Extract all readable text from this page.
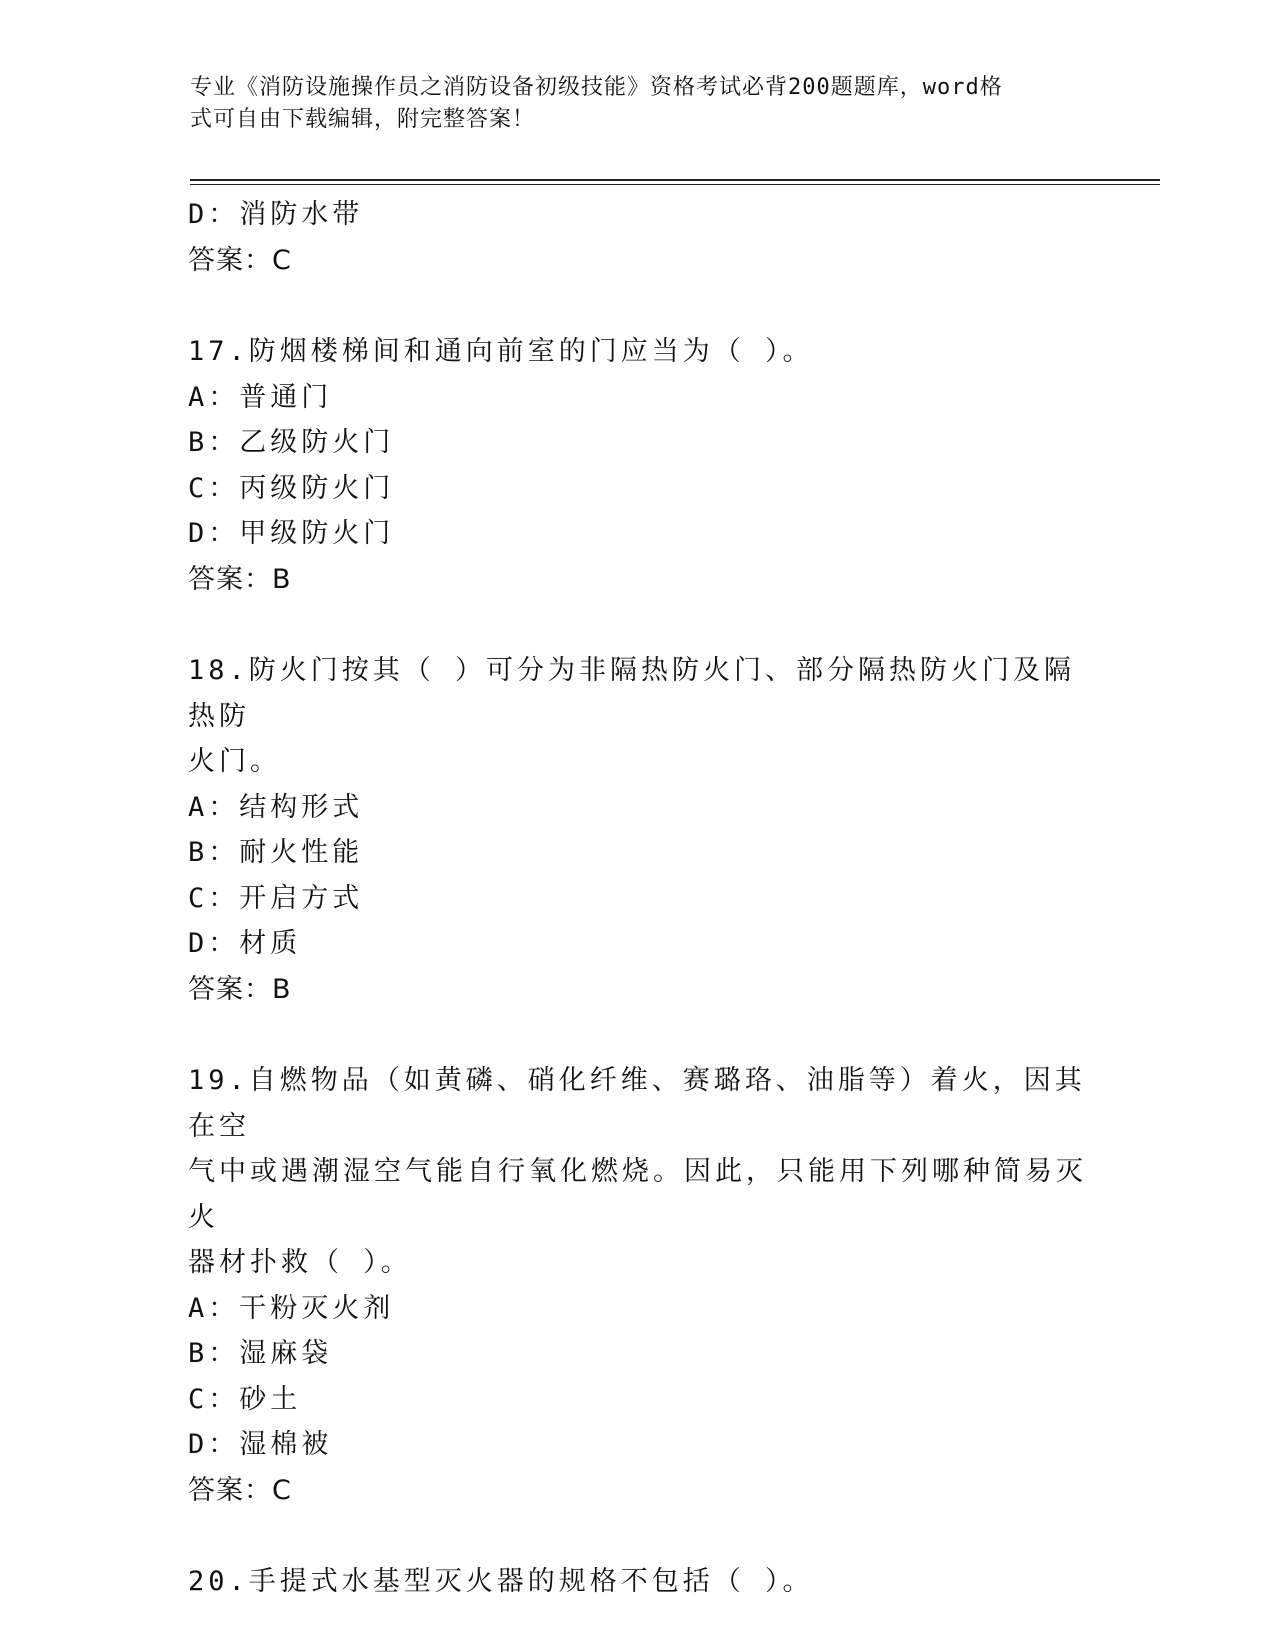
专业《消防设施操作员之消防设备初级技能》资格考试必背200题题库，word格
式可自由下载编辑，附完整答案！
D：消防水带
答案：C
17.防烟楼梯间和通向前室的门应当为（ ）。
A：普通门
B：乙级防火门
C：丙级防火门
D：甲级防火门
答案：B
18.防火门按其（ ）可分为非隔热防火门、部分隔热防火门及隔热防
火门。
A：结构形式
B：耐火性能
C：开启方式
D：材质
答案：B
19.自燃物品（如黄磷、硝化纤维、赛璐珞、油脂等）着火，因其在空
气中或遇潮湿空气能自行氧化燃烧。因此，只能用下列哪种简易灭火
器材扑救（ ）。
A：干粉灭火剂
B：湿麻袋
C：砂土
D：湿棉被
答案：C
20.手提式水基型灭火器的规格不包括（ ）。
